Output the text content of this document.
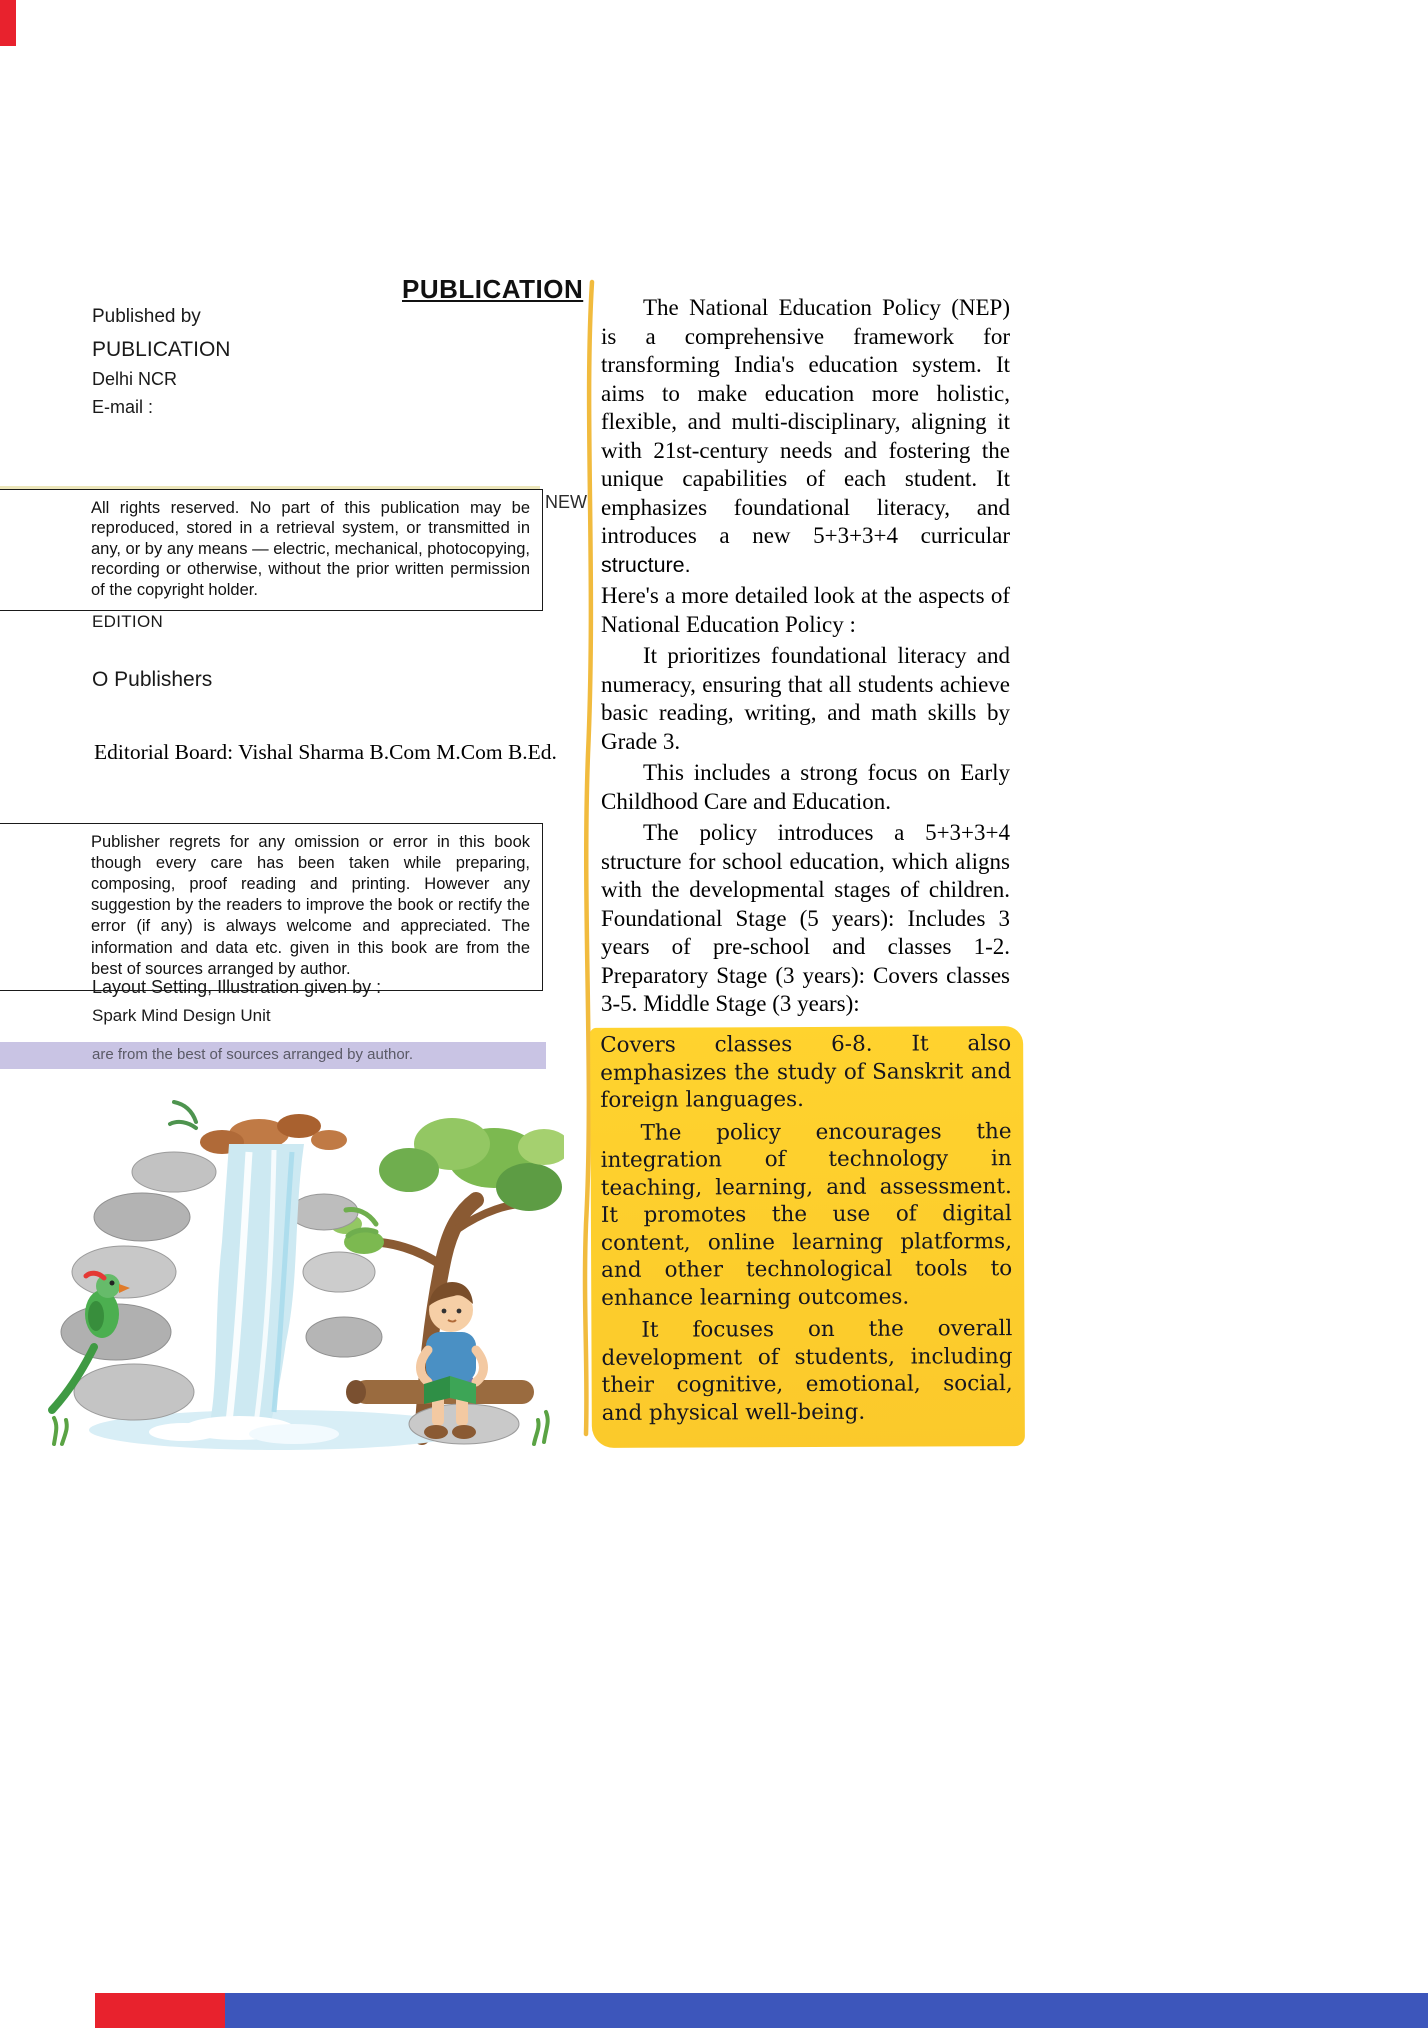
PUBLICATION
Published by
PUBLICATION
Delhi NCR
E-mail :
All rights reserved. No part of this publication may be reproduced, stored in a retrieval system, or transmitted in any, or by any means — electric, mechanical, photocopying, recording or otherwise, without the prior written permission of the copyright holder.
EDITION
O Publishers
Editorial Board: Vishal Sharma B.Com M.Com B.Ed.
Publisher regrets for any omission or error in this book though every care has been taken while preparing, composing, proof reading and printing. However any suggestion by the readers to improve the book or rectify the error (if any) is always welcome and appreciated. The information and data etc. given in this book are from the best of sources arranged by author.
Layout Setting, Illustration given by :
Spark Mind Design Unit
are from the best of sources arranged by author.
NEW

The National Education Policy (NEP) is a comprehensive framework for transforming India's education system. It aims to make education more holistic, flexible, and multi-disciplinary, aligning it with 21st-century needs and fostering the unique capabilities of each student. It emphasizes foundational literacy, and introduces a new 5+3+3+4 curricular structure.

Here's a more detailed look at the aspects of National Education Policy :

It prioritizes foundational literacy and numeracy, ensuring that all students achieve basic reading, writing, and math skills by Grade 3.

This includes a strong focus on Early Childhood Care and Education.

The policy introduces a 5+3+3+4 structure for school education, which aligns with the developmental stages of children. Foundational Stage (5 years): Includes 3 years of pre-school and classes 1-2. Preparatory Stage (3 years): Covers classes 3-5. Middle Stage (3 years):

Covers classes 6-8. It also emphasizes the study of Sanskrit and foreign languages.

The policy encourages the integration of technology in teaching, learning, and assessment. It promotes the use of digital content, online learning platforms, and other technological tools to enhance learning outcomes.

It focuses on the overall development of students, including their cognitive, emotional, social, and physical well-being.
